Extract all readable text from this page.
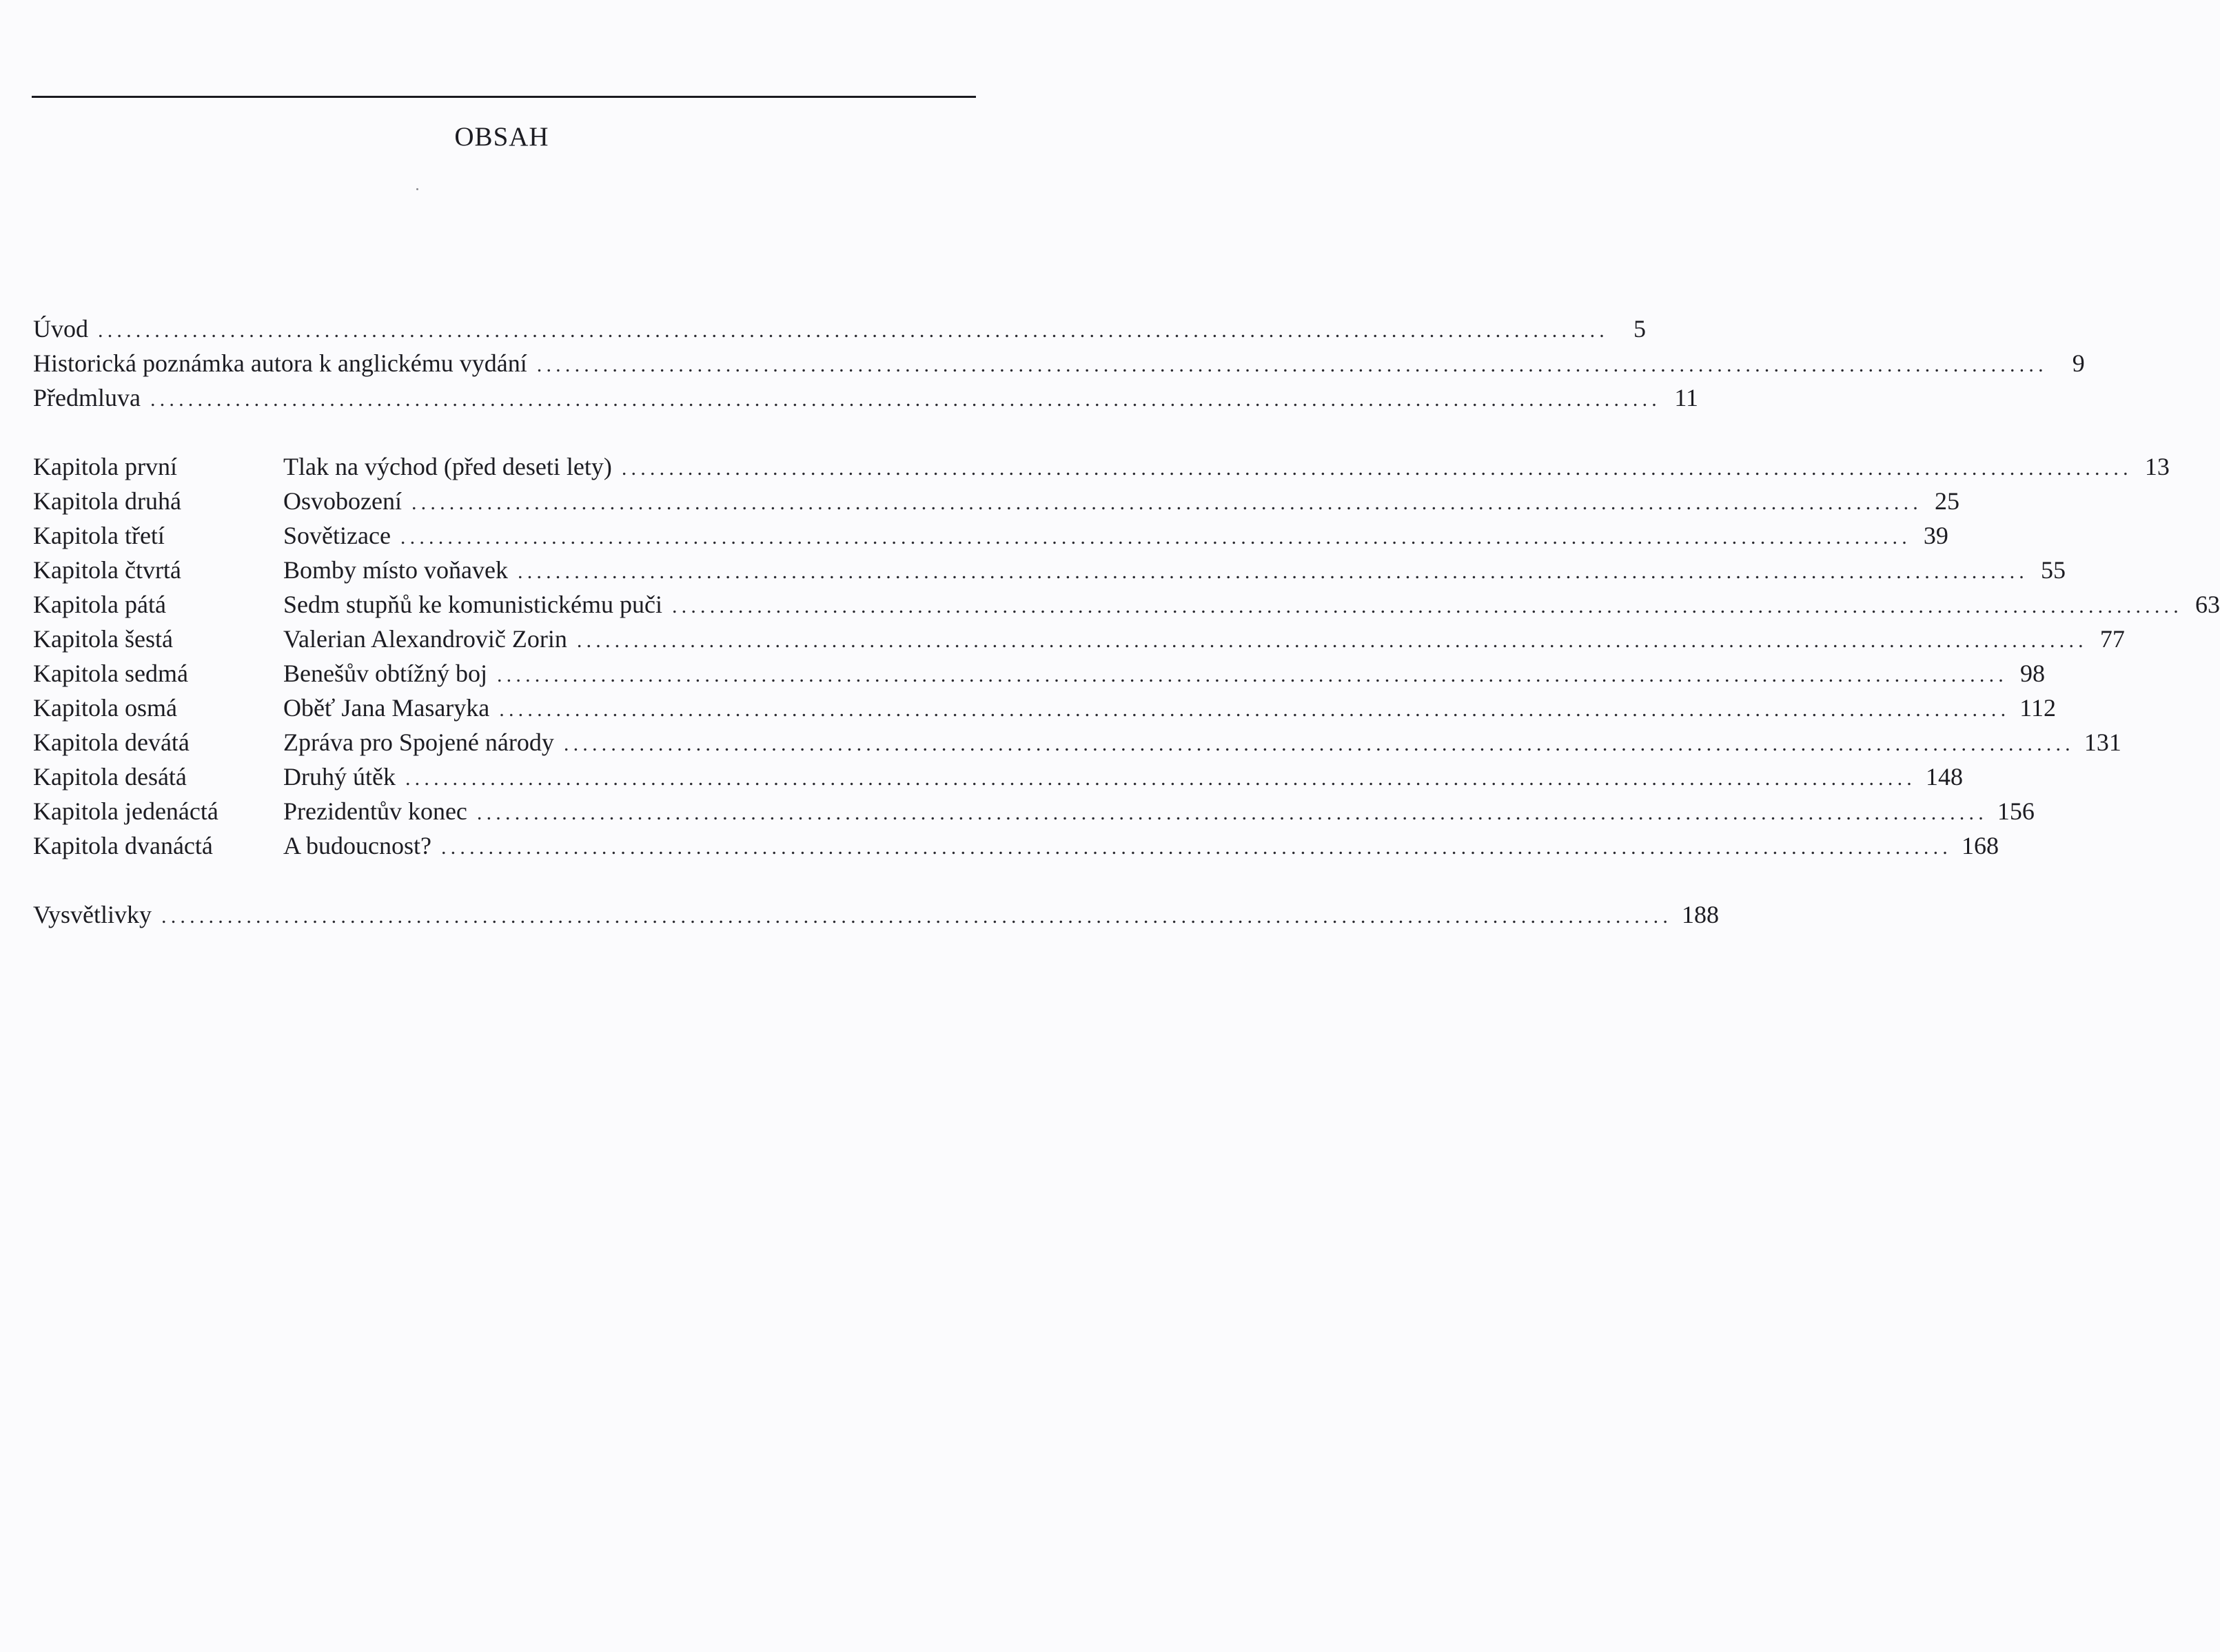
OBSAH
Úvod ................................................................................................................................................................	5
Historická poznámka autora k anglickému vydání ................................................................................................................................................................	9
Předmluva ................................................................................................................................................................ 11
Kapitola první	Tlak na východ (před deseti lety) ................................................................................................................................................................ 13
Kapitola druhá	Osvobození ................................................................................................................................................................ 25
Kapitola třetí	Sovětizace ................................................................................................................................................................ 39
Kapitola čtvrtá	Bomby místo voňavek ................................................................................................................................................................ 55
Kapitola pátá	Sedm stupňů ke komunistickému puči ................................................................................................................................................................ 63
Kapitola šestá	Valerian Alexandrovič Zorin ................................................................................................................................................................ 77
Kapitola sedmá	Benešův obtížný boj ................................................................................................................................................................ 98
Kapitola osmá	Oběť Jana Masaryka ................................................................................................................................................................ 112
Kapitola devátá	Zpráva pro Spojené národy ................................................................................................................................................................ 131
Kapitola desátá	Druhý útěk ................................................................................................................................................................ 148
Kapitola jedenáctá	Prezidentův konec ................................................................................................................................................................ 156
Kapitola dvanáctá	A budoucnost? ................................................................................................................................................................ 168
Vysvětlivky ................................................................................................................................................................ 188
